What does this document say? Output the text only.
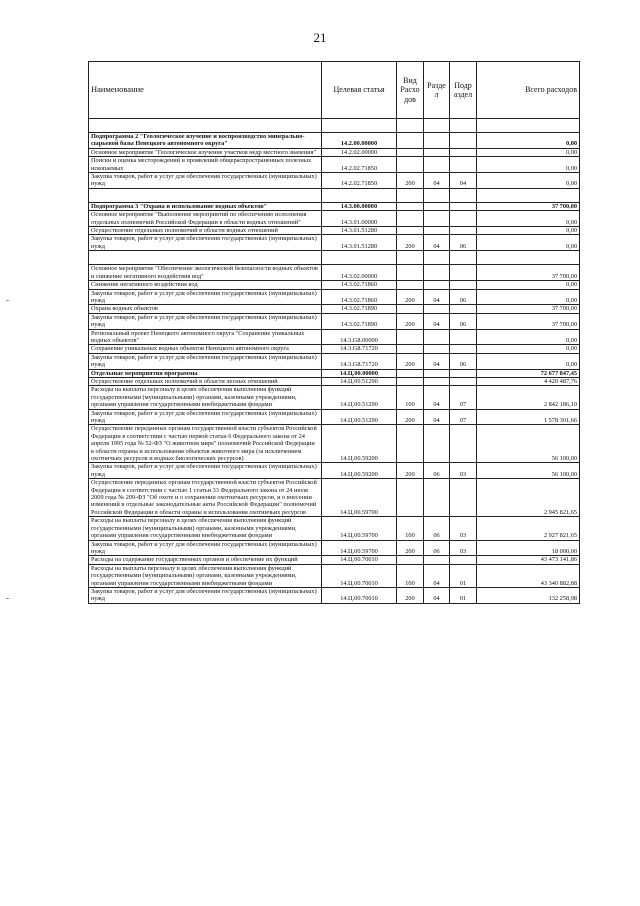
21
Наименование	Целевая статья	Вид Расхо дов	Разде л	Подр аздел	Всего расходов

Подпрограмма 2 "Геологическое изучение и воспроизводство минерально-сырьевой базы Ненецкого автономного округа"	14.2.00.00000				0,00
Основное мероприятие "Геологическое изучение участков недр местного значения"	14.2.02.00000				0,00
Поиски и оценка месторождений и проявлений общераспространенных полезных ископаемых	14.2.02.71850				0,00
Закупка товаров, работ и услуг для обеспечения государственных (муниципальных) нужд	14.2.02.71850	200	04	04	0,00

Подпрограмма 3 "Охрана и использование водных объектов"	14.3.00.00000				37 700,00
Основное мероприятие "Выполнение мероприятий по обеспечению исполнения отдельных полномочий Российской Федерации в области водных отношений"	14.3.01.00000				0,00
Осуществление отдельных полномочий в области водных отношений	14.3.01.51280				0,00
Закупка товаров, работ и услуг для обеспечения государственных (муниципальных) нужд	14.3.01.51280	200	04	06	0,00

Основное мероприятие "Обеспечение экологической безопасности водных объектов и снижение негативного воздействия вод"	14.3.02.00000				37 700,00
Снижение негативного воздействия вод	14.3.02.71860				0,00
Закупка товаров, работ и услуг для обеспечения государственных (муниципальных) нужд	14.3.02.71860	200	04	06	0,00
Охрана водных объектов	14.3.02.71890				37 700,00
Закупка товаров, работ и услуг для обеспечения государственных (муниципальных) нужд	14.3.02.71890	200	04	06	37 700,00
Региональный проект Ненецкого автономного округа "Сохранение уникальных водных объектов"	14.3.G8.00000				0,00
Сохранение уникальных водных объектов Ненецкого автономного округа	14.3.G8.71720				0,00
Закупка товаров, работ и услуг для обеспечения государственных (муниципальных) нужд	14.3.G8.71720	200	04	06	0,00
Отдельные мероприятия программы	14.Ц.00.00000				72 677 847,45
Осуществление отдельных полномочий в области лесных отношений	14.Ц.00.51290				4 420 487,76
Расходы на выплаты персоналу в целях обеспечения выполнения функций государственными (муниципальными) органами, казенными учреждениями, органами управления государственными внебюджетными фондами	14.Ц.00.51290	100	04	07	2 842 186,10
Закупка товаров, работ и услуг для обеспечения государственных (муниципальных) нужд	14.Ц.00.51290	200	04	07	1 578 301,66
Осуществление переданных органам государственной власти субъектов Российской Федерации в соответствии с частью первой статьи 6 Федерального закона от 24 апреля 1995 года № 52-ФЗ "О животном мире" полномочий Российской Федерации в области охраны и использования объектов животного мира (за исключением охотничьих ресурсов и водных биологических ресурсов)	14.Ц.00.59200				56 100,00
Закупка товаров, работ и услуг для обеспечения государственных (муниципальных) нужд	14.Ц.00.59200	200	06	03	56 100,00
Осуществление переданных органам государственной власти субъектов Российской Федерации в соответствии с частью 1 статьи 33 Федерального закона от 24 июля 2009 года № 209-ФЗ "Об охоте и о сохранении охотничьих ресурсов, и о внесении изменений в отдельные законодательные акты Российской Федерации" полномочий Российской Федерации в области охраны и использования охотничьих ресурсов	14.Ц.00.59700				2 945 821,65
Расходы на выплаты персоналу в целях обеспечения выполнения функций государственными (муниципальными) органами, казенными учреждениями, органами управления государственными внебюджетными фондами	14.Ц.00.59700	100	06	03	2 927 821,65
Закупка товаров, работ и услуг для обеспечения государственных (муниципальных) нужд	14.Ц.00.59700	200	06	03	18 000,00
Расходы на содержание государственных органов и обеспечение их функций	14.Ц.00.70010				43 473 141,86
Расходы на выплаты персоналу в целях обеспечения выполнения функций государственными (муниципальными) органами, казенными учреждениями, органами управления государственными внебюджетными фондами	14.Ц.00.70010	100	04	01	43 340 882,88
Закупка товаров, работ и услуг для обеспечения государственных (муниципальных) нужд	14.Ц.00.70010	200	04	01	132 258,98
